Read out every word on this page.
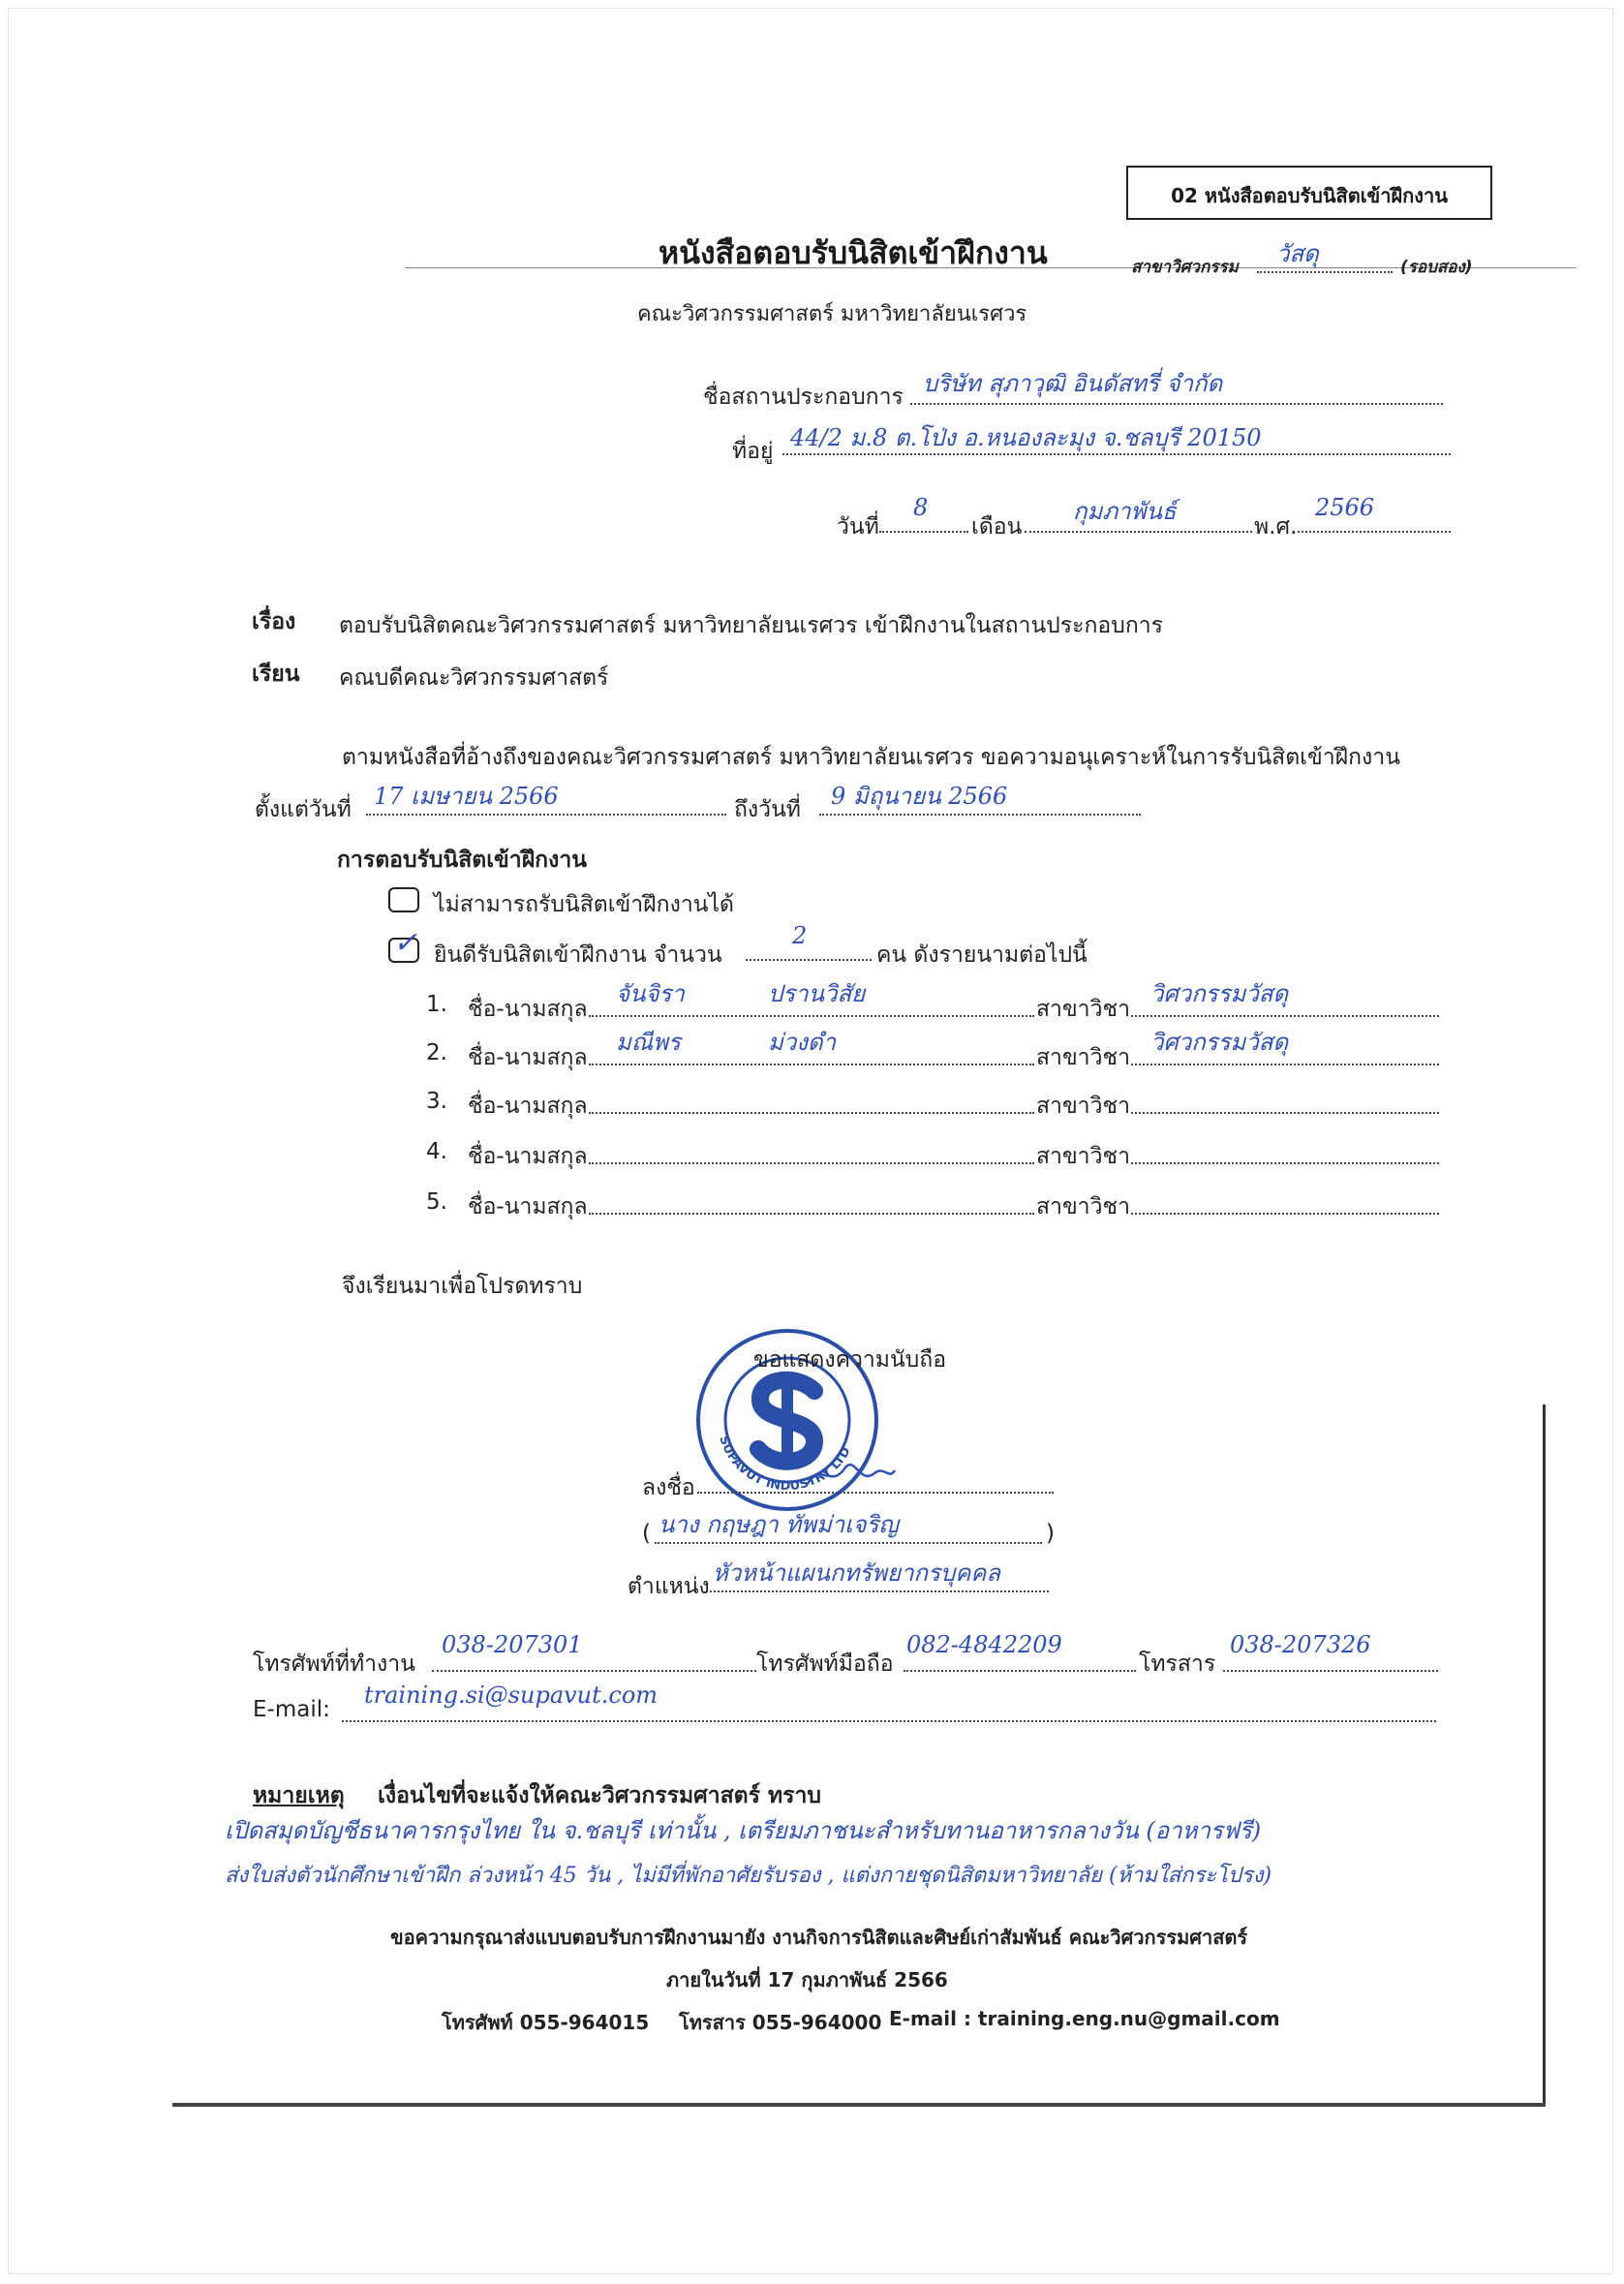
02 หนังสือตอบรับนิสิตเข้าฝึกงาน
หนังสือตอบรับนิสิตเข้าฝึกงาน	สาขาวิศวกรรม วัสดุ	(รอบสอง)
คณะวิศวกรรมศาสตร์ มหาวิทยาลัยนเรศวร
ชื่อสถานประกอบการ บริษัท สุภาวุฒิ อินดัสทรี่ จำกัด
ที่อยู่ 44/2 ม.8 ต.โป่ง อ.หนองละมุง จ.ชลบุรี 20150
วันที่
8
เดือน
กุมภาพันธ์
พ.ศ.
2566
เรื่อง ตอบรับนิสิตคณะวิศวกรรมศาสตร์ มหาวิทยาลัยนเรศวร เข้าฝึกงานในสถานประกอบการ
เรียน คณบดีคณะวิศวกรรมศาสตร์
ตามหนังสือที่อ้างถึงของคณะวิศวกรรมศาสตร์ มหาวิทยาลัยนเรศวร ขอความอนุเคราะห์ในการรับนิสิตเข้าฝึกงาน
ตั้งแต่วันที่ 17 เมษายน 2566	ถึงวันที่ 9 มิถุนายน 2566
การตอบรับนิสิตเข้าฝึกงาน
ไม่สามารถรับนิสิตเข้าฝึกงานได้
✓ ยินดีรับนิสิตเข้าฝึกงาน จำนวน
2
คน ดังรายนามต่อไปนี้
1. ชื่อ-นามสกุล
จันจิรา	ปรานวิสัย
สาขาวิชา
วิศวกรรมวัสดุ
2. ชื่อ-นามสกุล
มณีพร	ม่วงดำ
สาขาวิชา
วิศวกรรมวัสดุ
3. ชื่อ-นามสกุล	สาขาวิชา
4. ชื่อ-นามสกุล	สาขาวิชา
5. ชื่อ-นามสกุล	สาขาวิชา
จึงเรียนมาเพื่อโปรดทราบ
SUPAVUT INDUSTRY LTD
ขอแสดงความนับถือ
ลงชื่อ
( นาง กฤษฎา ทัพม่าเจริญ	)
ตำแหน่ง หัวหน้าแผนกทรัพยากรบุคคล
โทรศัพท์ที่ทำงาน
038-207301
โทรศัพท์มือถือ
082-4842209
โทรสาร
038-207326
E-mail:
training.si@supavut.com
หมายเหตุ เงื่อนไขที่จะแจ้งให้คณะวิศวกรรมศาสตร์ ทราบ
เปิดสมุดบัญชีธนาคารกรุงไทย ใน จ.ชลบุรี เท่านั้น , เตรียมภาชนะสำหรับทานอาหารกลางวัน (อาหารฟรี)
ส่งใบส่งตัวนักศึกษาเข้าฝึก ล่วงหน้า 45 วัน , ไม่มีที่พักอาศัยรับรอง , แต่งกายชุดนิสิตมหาวิทยาลัย (ห้ามใส่กระโปรง)
ขอความกรุณาส่งแบบตอบรับการฝึกงานมายัง งานกิจการนิสิตและศิษย์เก่าสัมพันธ์ คณะวิศวกรรมศาสตร์
ภายในวันที่ 17 กุมภาพันธ์ 2566
โทรศัพท์ 055-964015 โทรสาร 055-964000 E-mail : training.eng.nu@gmail.com
